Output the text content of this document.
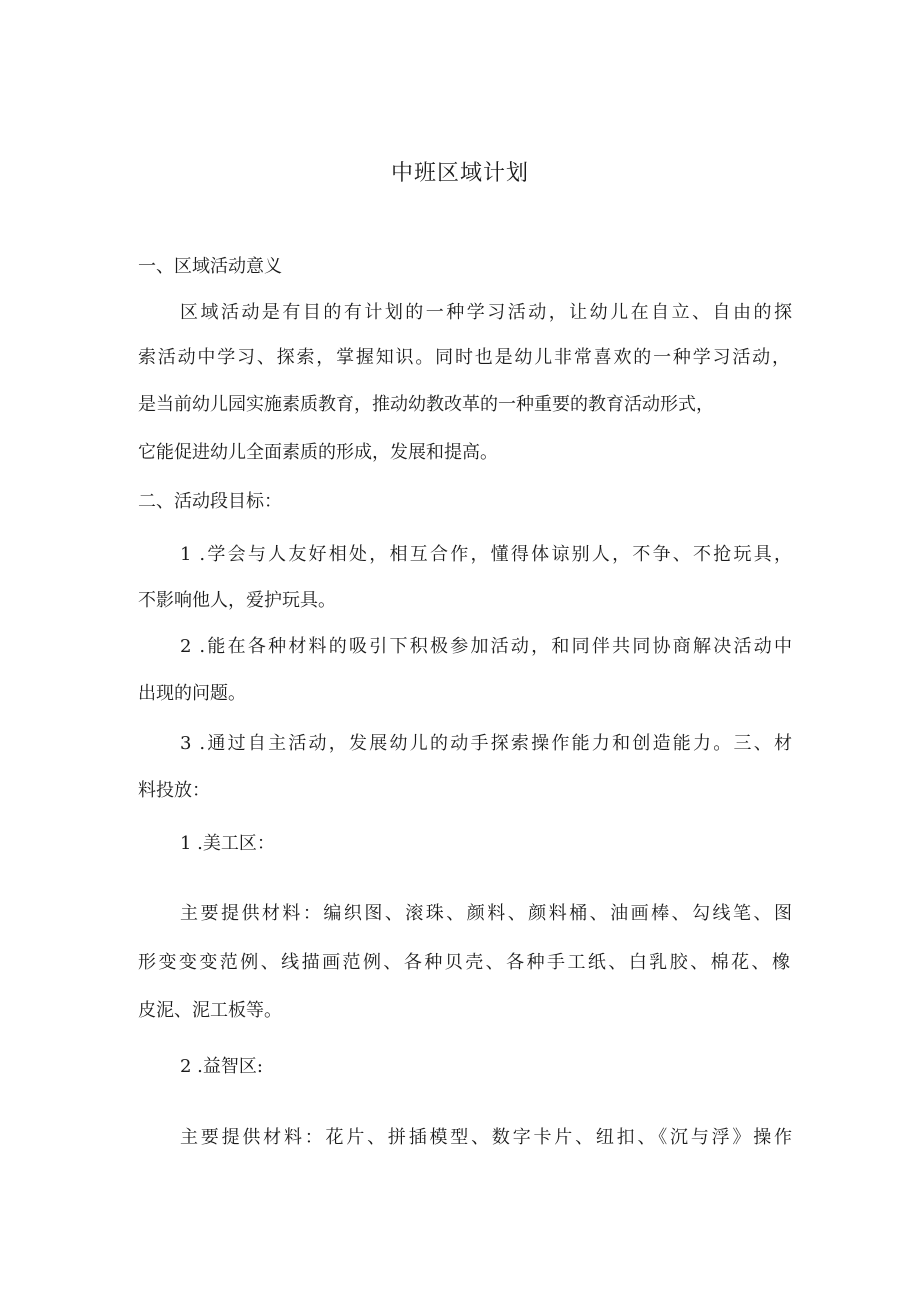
中班区域计划
一、区域活动意义
区域活动是有目的有计划的一种学习活动，让幼儿在自立、自由的探
索活动中学习、探索，掌握知识。同时也是幼儿非常喜欢的一种学习活动，
是当前幼儿园实施素质教育，推动幼教改革的一种重要的教育活动形式，
它能促进幼儿全面素质的形成，发展和提高。
二、活动段目标：
1 .学会与人友好相处，相互合作，懂得体谅别人，不争、不抢玩具，
不影响他人，爱护玩具。
2 .能在各种材料的吸引下积极参加活动，和同伴共同协商解决活动中
出现的问题。
3 .通过自主活动，发展幼儿的动手探索操作能力和创造能力。三、材
料投放：
1 .美工区：
主要提供材料：编织图、滚珠、颜料、颜料桶、油画棒、勾线笔、图
形变变变范例、线描画范例、各种贝壳、各种手工纸、白乳胶、棉花、橡
皮泥、泥工板等。
2 .益智区:
主要提供材料：花片、拼插模型、数字卡片、纽扣、《沉与浮》操作
